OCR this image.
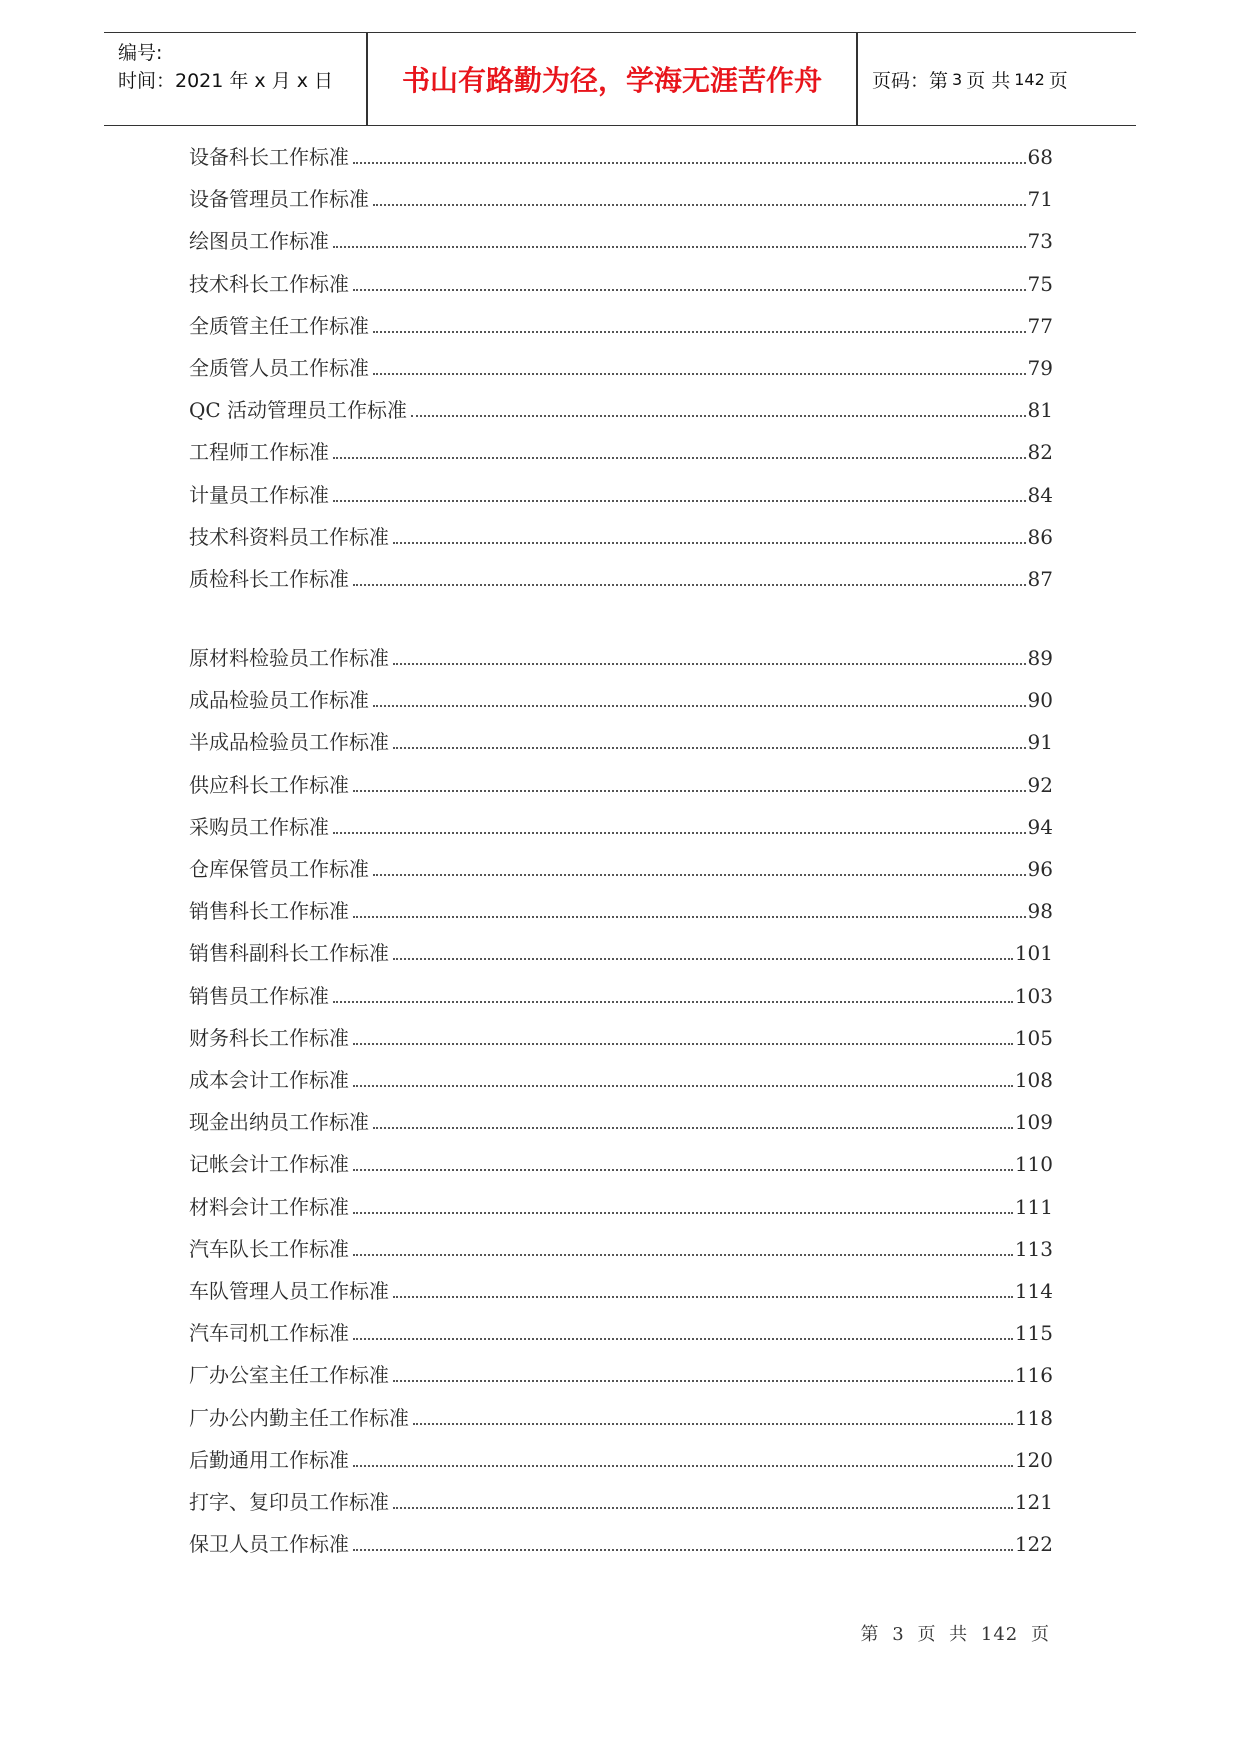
编号:
时间：2021 年 x 月 x 日	书山有路勤为径，学海无涯苦作舟	页码：第 3 页 共 142 页
设备科长工作标准	68
设备管理员工作标准	71
绘图员工作标准	73
技术科长工作标准	75
全质管主任工作标准	77
全质管人员工作标准	79
QC 活动管理员工作标准	81
工程师工作标准	82
计量员工作标准	84
技术科资料员工作标准	86
质检科长工作标准	87
原材料检验员工作标准	89
成品检验员工作标准	90
半成品检验员工作标准	91
供应科长工作标准	92
采购员工作标准	94
仓库保管员工作标准	96
销售科长工作标准	98
销售科副科长工作标准	101
销售员工作标准	103
财务科长工作标准	105
成本会计工作标准	108
现金出纳员工作标准	109
记帐会计工作标准	110
材料会计工作标准	111
汽车队长工作标准	113
车队管理人员工作标准	114
汽车司机工作标准	115
厂办公室主任工作标准	116
厂办公内勤主任工作标准	118
后勤通用工作标准	120
打字、复印员工作标准	121
保卫人员工作标准	122
第 3 页 共 142 页
